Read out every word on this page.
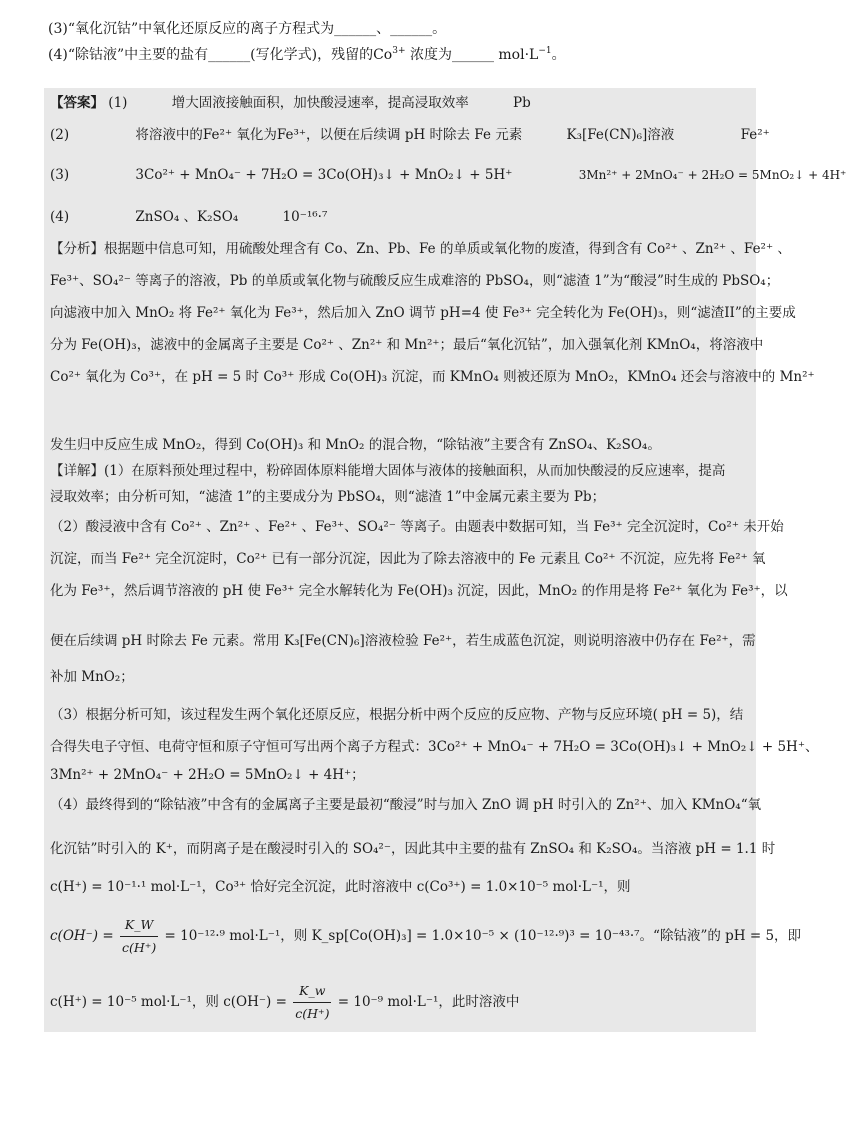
(3)“氧化沉钴”中氧化还原反应的离子方程式为______、______。
(4)“除钴液”中主要的盐有______(写化学式)，残留的$Co^{3+}$ 浓度为______ $mol\cdot L^{-1}$。
【答案】 (1)	增大固液接触面积，加快酸浸速率，提高浸取效率	Pb
(2)	将溶液中的Fe²⁺ 氧化为Fe³⁺，以便在后续调 pH 时除去 Fe 元素	K₃[Fe(CN)₆]溶液	Fe²⁺
(3)	3Co²⁺ + MnO₄⁻ + 7H₂O = 3Co(OH)₃↓ + MnO₂↓ + 5H⁺	3Mn²⁺ + 2MnO₄⁻ + 2H₂O = 5MnO₂↓ + 4H⁺
(4)	ZnSO₄ 、K₂SO₄	10⁻¹⁶·⁷
【分析】根据题中信息可知，用硫酸处理含有 Co、Zn、Pb、Fe 的单质或氧化物的废渣，得到含有 Co²⁺ 、Zn²⁺ 、Fe²⁺ 、
Fe³⁺、SO₄²⁻ 等离子的溶液，Pb 的单质或氧化物与硫酸反应生成难溶的 PbSO₄，则“滤渣 1”为“酸浸”时生成的 PbSO₄；
向滤液中加入 MnO₂ 将 Fe²⁺ 氧化为 Fe³⁺，然后加入 ZnO 调节 pH=4 使 Fe³⁺ 完全转化为 Fe(OH)₃，则“滤渣II”的主要成
分为 Fe(OH)₃，滤液中的金属离子主要是 Co²⁺ 、Zn²⁺ 和 Mn²⁺；最后“氧化沉钴”，加入强氧化剂 KMnO₄，将溶液中
Co²⁺ 氧化为 Co³⁺，在 pH = 5 时 Co³⁺ 形成 Co(OH)₃ 沉淀，而 KMnO₄ 则被还原为 MnO₂，KMnO₄ 还会与溶液中的 Mn²⁺
发生归中反应生成 MnO₂，得到 Co(OH)₃ 和 MnO₂ 的混合物，“除钴液”主要含有 ZnSO₄、K₂SO₄。
【详解】(1）在原料预处理过程中，粉碎固体原料能增大固体与液体的接触面积，从而加快酸浸的反应速率，提高
浸取效率；由分析可知，“滤渣 1”的主要成分为 PbSO₄，则“滤渣 1”中金属元素主要为 Pb；
（2）酸浸液中含有 Co²⁺ 、Zn²⁺ 、Fe²⁺ 、Fe³⁺、SO₄²⁻ 等离子。由题表中数据可知，当 Fe³⁺ 完全沉淀时，Co²⁺ 未开始
沉淀，而当 Fe²⁺ 完全沉淀时，Co²⁺ 已有一部分沉淀，因此为了除去溶液中的 Fe 元素且 Co²⁺ 不沉淀，应先将 Fe²⁺ 氧
化为 Fe³⁺，然后调节溶液的 pH 使 Fe³⁺ 完全水解转化为 Fe(OH)₃ 沉淀，因此，MnO₂ 的作用是将 Fe²⁺ 氧化为 Fe³⁺，以
便在后续调 pH 时除去 Fe 元素。常用 K₃[Fe(CN)₆]溶液检验 Fe²⁺，若生成蓝色沉淀，则说明溶液中仍存在 Fe²⁺，需
补加 MnO₂；
（3）根据分析可知，该过程发生两个氧化还原反应，根据分析中两个反应的反应物、产物与反应环境( pH = 5)，结
合得失电子守恒、电荷守恒和原子守恒可写出两个离子方程式：3Co²⁺ + MnO₄⁻ + 7H₂O = 3Co(OH)₃↓ + MnO₂↓ + 5H⁺、
3Mn²⁺ + 2MnO₄⁻ + 2H₂O = 5MnO₂↓ + 4H⁺；
（4）最终得到的“除钴液”中含有的金属离子主要是最初“酸浸”时与加入 ZnO 调 pH 时引入的 Zn²⁺、加入 KMnO₄“氧
化沉钴”时引入的 K⁺，而阴离子是在酸浸时引入的 SO₄²⁻，因此其中主要的盐有 ZnSO₄ 和 K₂SO₄。当溶液 pH = 1.1 时
c(H⁺) = 10⁻¹·¹ mol·L⁻¹，Co³⁺ 恰好完全沉淀，此时溶液中 c(Co³⁺) = 1.0×10⁻⁵ mol·L⁻¹，则
$c(OH^-) = \frac{K\_W}{c(H^+)} = 10^{-12}\cdot^9$ mol·L⁻¹，则 K_sp[Co(OH)₃] = 1.0×10⁻⁵ × (10⁻¹²·⁹)³ = 10⁻⁴³·⁷。“除钴液”的 pH = 5，即
c(H⁺) = 10⁻⁵ mol·L⁻¹，则 $c(OH^-) = \frac{K\_w}{c(H^+)} = 10^{-9}$ mol·L⁻¹，此时溶液中
